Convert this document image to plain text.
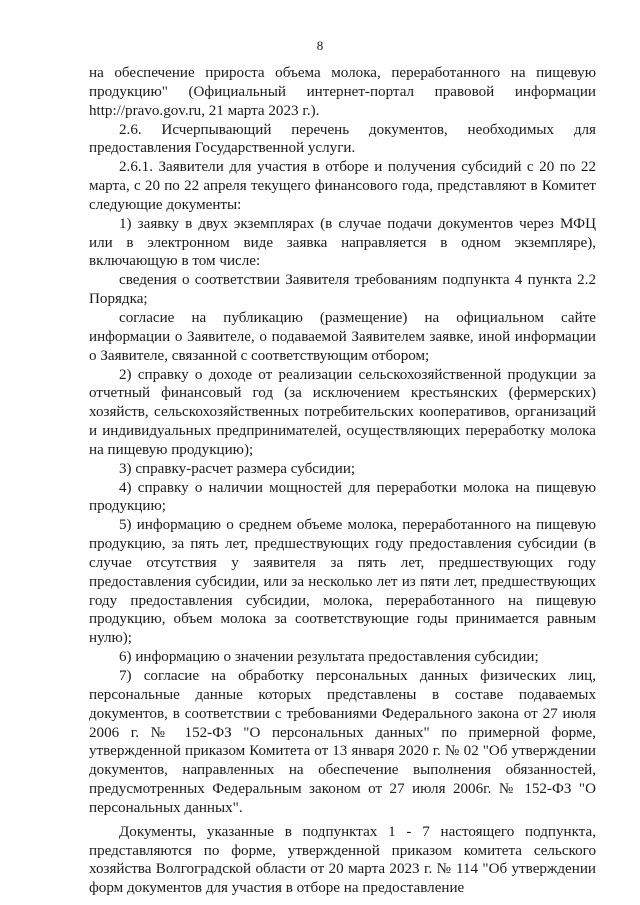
8

на обеспечение прироста объема молока, переработанного на пищевую продукцию" (Официальный интернет-портал правовой информации http://pravo.gov.ru, 21 марта 2023 г.).

2.6. Исчерпывающий перечень документов, необходимых для предоставления Государственной услуги.

2.6.1. Заявители для участия в отборе и получения субсидий с 20 по 22 марта, с 20 по 22 апреля текущего финансового года, представляют в Комитет следующие документы:

1) заявку в двух экземплярах (в случае подачи документов через МФЦ или в электронном виде заявка направляется в одном экземпляре), включающую в том числе:

сведения о соответствии Заявителя требованиям подпункта 4 пункта 2.2 Порядка;

согласие на публикацию (размещение) на официальном сайте информации о Заявителе, о подаваемой Заявителем заявке, иной информации о Заявителе, связанной с соответствующим отбором;

2) справку о доходе от реализации сельскохозяйственной продукции за отчетный финансовый год (за исключением крестьянских (фермерских) хозяйств, сельскохозяйственных потребительских кооперативов, организаций и индивидуальных предпринимателей, осуществляющих переработку молока на пищевую продукцию);

3) справку-расчет размера субсидии;

4) справку о наличии мощностей для переработки молока на пищевую продукцию;

5) информацию о среднем объеме молока, переработанного на пищевую продукцию, за пять лет, предшествующих году предоставления субсидии (в случае отсутствия у заявителя за пять лет, предшествующих году предоставления субсидии, или за несколько лет из пяти лет, предшествующих году предоставления субсидии, молока, переработанного на пищевую продукцию, объем молока за соответствующие годы принимается равным нулю);

6) информацию о значении результата предоставления субсидии;

7) согласие на обработку персональных данных физических лиц, персональные данные которых представлены в составе подаваемых документов, в соответствии с требованиями Федерального закона от 27 июля 2006 г. № 152-ФЗ "О персональных данных" по примерной форме, утвержденной приказом Комитета от 13 января 2020 г. № 02 "Об утверждении документов, направленных на обеспечение выполнения обязанностей, предусмотренных Федеральным законом от 27 июля 2006г. № 152-ФЗ "О персональных данных".

Документы, указанные в подпунктах 1 - 7 настоящего подпункта, представляются по форме, утвержденной приказом комитета сельского хозяйства Волгоградской области от 20 марта 2023 г. № 114 "Об утверждении форм документов для участия в отборе на предоставление
